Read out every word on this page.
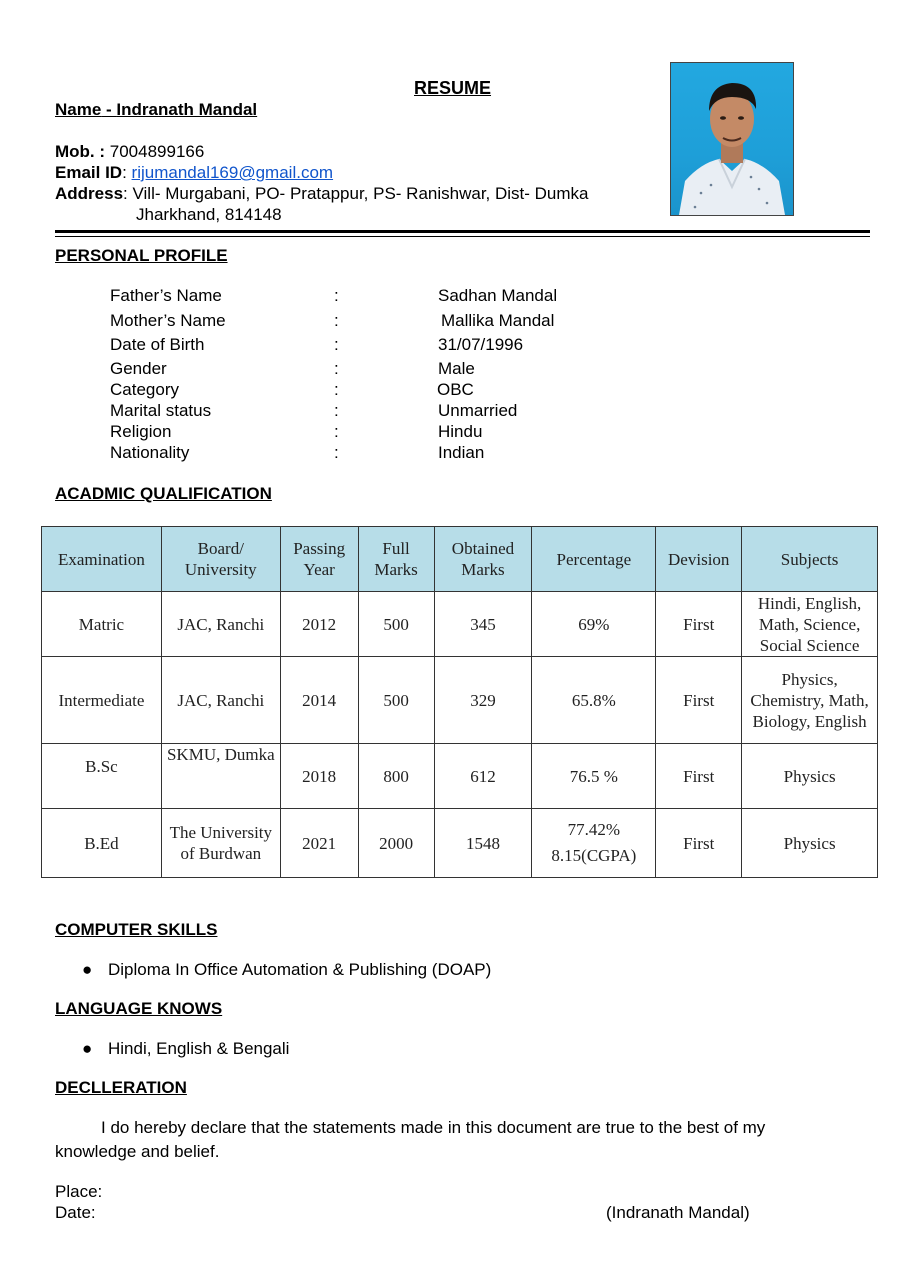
RESUME
Name - Indranath Mandal
Mob. : 7004899166
Email ID: rijumandal169@gmail.com
Address: Vill- Murgabani, PO- Pratappur, PS- Ranishwar, Dist- Dumka
Jharkhand, 814148
PERSONAL PROFILE
Father’s Name	:	Sadhan Mandal
Mother’s Name	:	Mallika Mandal
Date of Birth	:	31/07/1996
Gender	:	Male
Category	:	OBC
Marital status	:	Unmarried
Religion	:	Hindu
Nationality	:	Indian
ACADMIC QUALIFICATION
Examination	Board/ University	Passing Year	Full Marks	Obtained Marks	Percentage	Devision	Subjects
Matric	JAC, Ranchi	2012	500	345	69%	First	Hindi, English, Math, Science, Social Science
Intermediate	JAC, Ranchi	2014	500	329	65.8%	First	Physics, Chemistry, Math, Biology, English
B.Sc	SKMU, Dumka	2018	800	612	76.5 %	First	Physics
B.Ed	The University of Burdwan	2021	2000	1548	77.42% 8.15(CGPA)	First	Physics
COMPUTER SKILLS
● Diploma In Office Automation & Publishing (DOAP)
LANGUAGE KNOWS
● Hindi, English & Bengali
DECLLERATION
I do hereby declare that the statements made in this document are true to the best of my knowledge and belief.
Place:
Date:	(Indranath Mandal)
